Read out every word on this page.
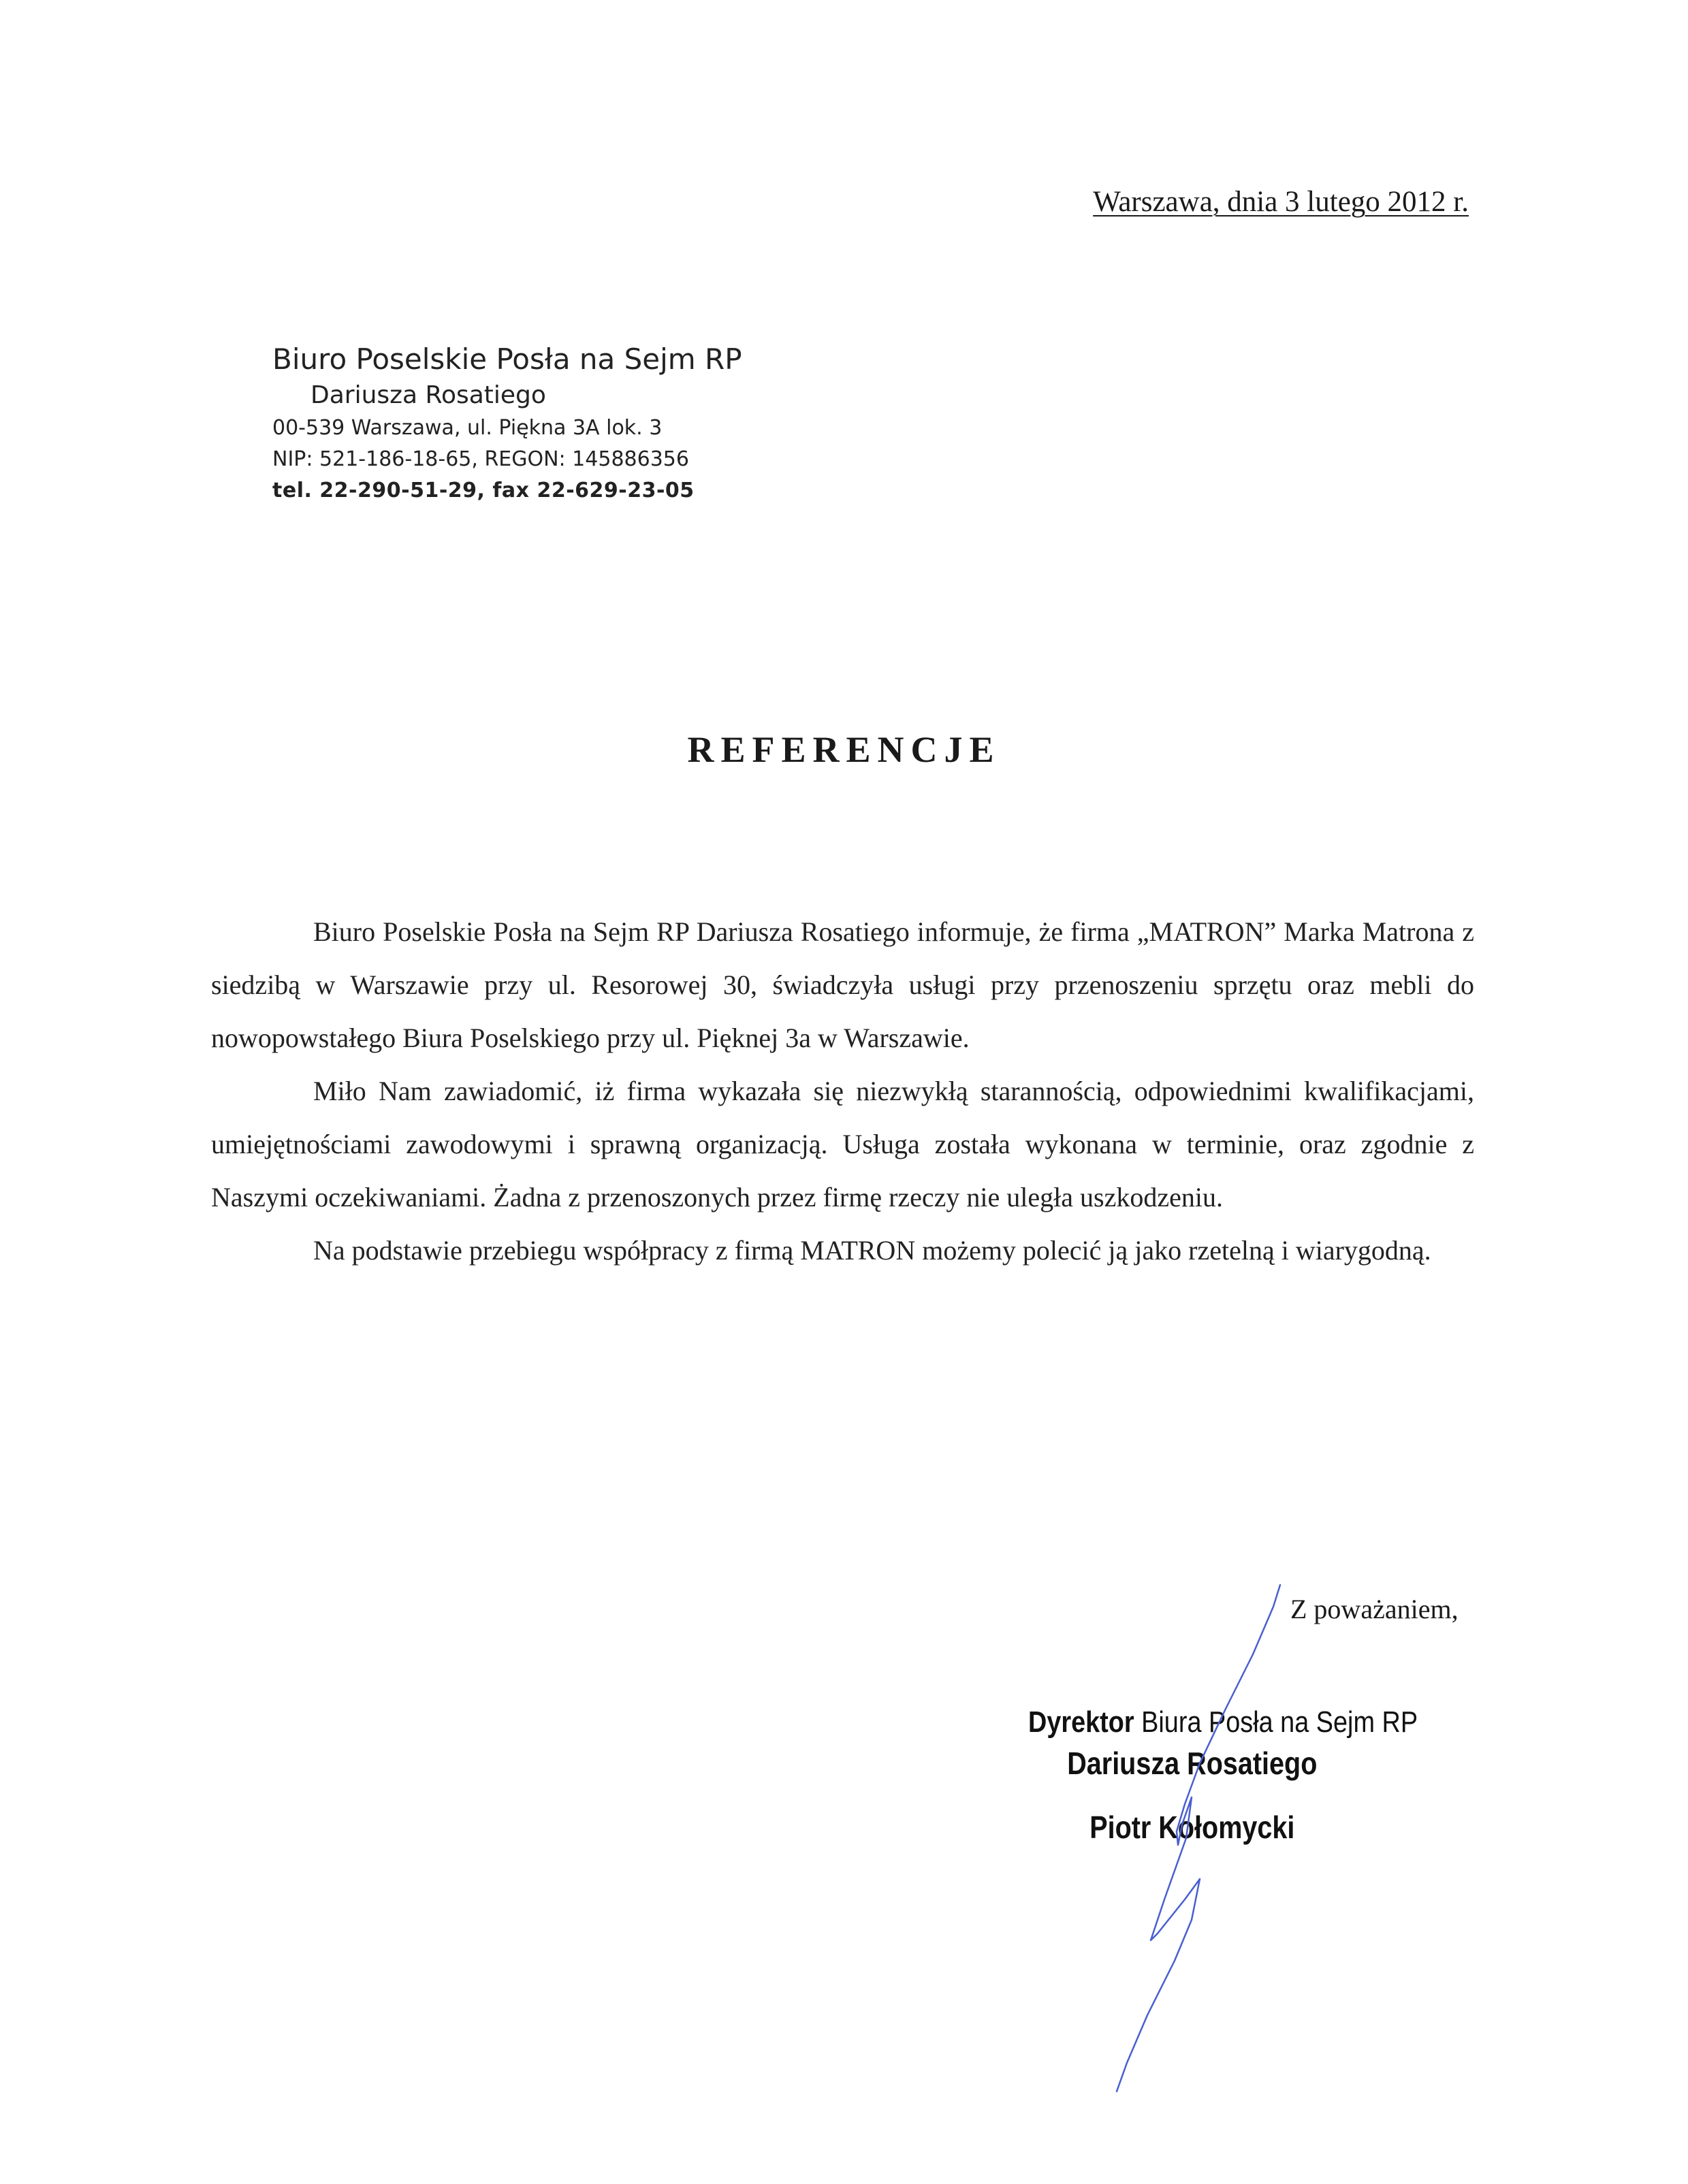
Warszawa, dnia 3 lutego 2012 r.
Biuro Poselskie Posła na Sejm RP
Dariusza Rosatiego
00-539 Warszawa, ul. Piękna 3A lok. 3
NIP: 521-186-18-65, REGON: 145886356
tel. 22-290-51-29, fax 22-629-23-05
REFERENCJE

Biuro Poselskie Posła na Sejm RP Dariusza Rosatiego informuje, że firma „MATRON” Marka Matrona z siedzibą w Warszawie przy ul. Resorowej 30, świadczyła usługi przy przenoszeniu sprzętu oraz mebli do nowopowstałego Biura Poselskiego przy ul. Pięknej 3a w Warszawie.

Miło Nam zawiadomić, iż firma wykazała się niezwykłą starannością, odpowiednimi kwalifikacjami, umiejętnościami zawodowymi i sprawną organizacją. Usługa została wykonana w terminie, oraz zgodnie z Naszymi oczekiwaniami. Żadna z przenoszonych przez firmę rzeczy nie uległa uszkodzeniu.

Na podstawie przebiegu współpracy z firmą MATRON możemy polecić ją jako rzetelną i wiarygodną.

Z poważaniem,
Dyrektor Biura Posła na Sejm RP
Dariusza Rosatiego
Piotr Kołomycki
